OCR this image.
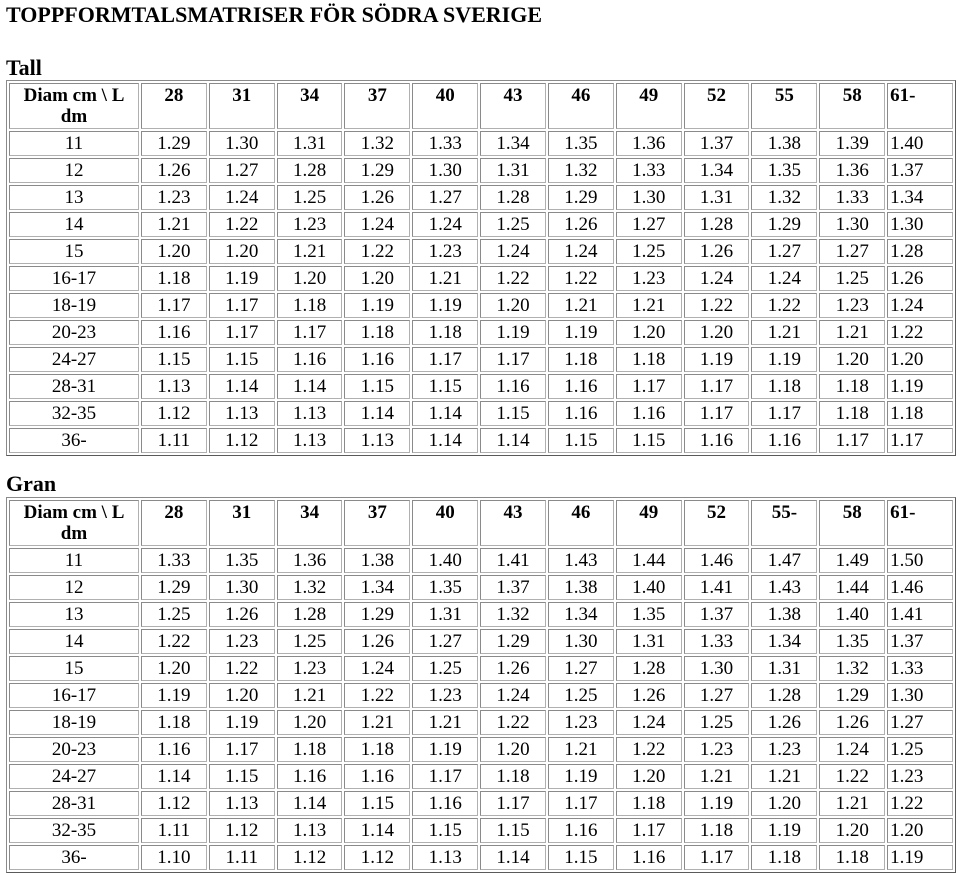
TOPPFORMTALSMATRISER FÖR SÖDRA SVERIGE
Tall
Diam cm \ L dm	28	31	34	37	40	43	46	49	52	55	58	61-
11	1.29	1.30	1.31	1.32	1.33	1.34	1.35	1.36	1.37	1.38	1.39	1.40
12	1.26	1.27	1.28	1.29	1.30	1.31	1.32	1.33	1.34	1.35	1.36	1.37
13	1.23	1.24	1.25	1.26	1.27	1.28	1.29	1.30	1.31	1.32	1.33	1.34
14	1.21	1.22	1.23	1.24	1.24	1.25	1.26	1.27	1.28	1.29	1.30	1.30
15	1.20	1.20	1.21	1.22	1.23	1.24	1.24	1.25	1.26	1.27	1.27	1.28
16-17	1.18	1.19	1.20	1.20	1.21	1.22	1.22	1.23	1.24	1.24	1.25	1.26
18-19	1.17	1.17	1.18	1.19	1.19	1.20	1.21	1.21	1.22	1.22	1.23	1.24
20-23	1.16	1.17	1.17	1.18	1.18	1.19	1.19	1.20	1.20	1.21	1.21	1.22
24-27	1.15	1.15	1.16	1.16	1.17	1.17	1.18	1.18	1.19	1.19	1.20	1.20
28-31	1.13	1.14	1.14	1.15	1.15	1.16	1.16	1.17	1.17	1.18	1.18	1.19
32-35	1.12	1.13	1.13	1.14	1.14	1.15	1.16	1.16	1.17	1.17	1.18	1.18
36-	1.11	1.12	1.13	1.13	1.14	1.14	1.15	1.15	1.16	1.16	1.17	1.17
Gran
Diam cm \ L dm	28	31	34	37	40	43	46	49	52	55-	58	61-
11	1.33	1.35	1.36	1.38	1.40	1.41	1.43	1.44	1.46	1.47	1.49	1.50
12	1.29	1.30	1.32	1.34	1.35	1.37	1.38	1.40	1.41	1.43	1.44	1.46
13	1.25	1.26	1.28	1.29	1.31	1.32	1.34	1.35	1.37	1.38	1.40	1.41
14	1.22	1.23	1.25	1.26	1.27	1.29	1.30	1.31	1.33	1.34	1.35	1.37
15	1.20	1.22	1.23	1.24	1.25	1.26	1.27	1.28	1.30	1.31	1.32	1.33
16-17	1.19	1.20	1.21	1.22	1.23	1.24	1.25	1.26	1.27	1.28	1.29	1.30
18-19	1.18	1.19	1.20	1.21	1.21	1.22	1.23	1.24	1.25	1.26	1.26	1.27
20-23	1.16	1.17	1.18	1.18	1.19	1.20	1.21	1.22	1.23	1.23	1.24	1.25
24-27	1.14	1.15	1.16	1.16	1.17	1.18	1.19	1.20	1.21	1.21	1.22	1.23
28-31	1.12	1.13	1.14	1.15	1.16	1.17	1.17	1.18	1.19	1.20	1.21	1.22
32-35	1.11	1.12	1.13	1.14	1.15	1.15	1.16	1.17	1.18	1.19	1.20	1.20
36-	1.10	1.11	1.12	1.12	1.13	1.14	1.15	1.16	1.17	1.18	1.18	1.19
